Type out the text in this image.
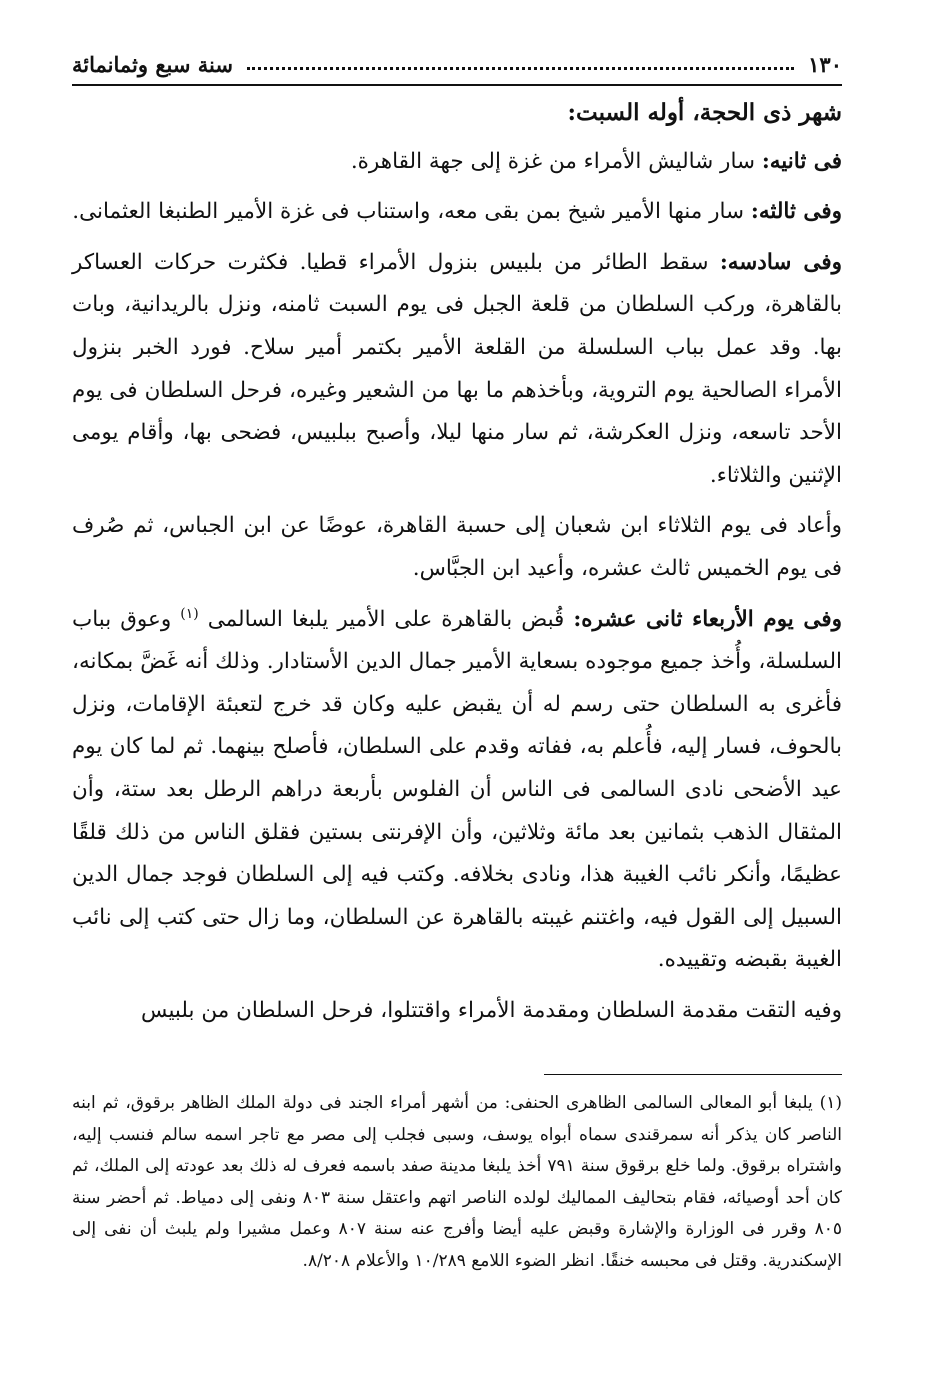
١٣٠
سنة سبع وثمانمائة

شهر ذى الحجة، أوله السبت:

فى ثانيه: سار شاليش الأمراء من غزة إلى جهة القاهرة.

وفى ثالثه: سار منها الأمير شيخ بمن بقى معه، واستناب فى غزة الأمير الطنبغا العثمانى.

وفى سادسه: سقط الطائر من بلبيس بنزول الأمراء قطيا. فكثرت حركات العساكر بالقاهرة، وركب السلطان من قلعة الجبل فى يوم السبت ثامنه، ونزل بالريدانية، وبات بها. وقد عمل بباب السلسلة من القلعة الأمير بكتمر أمير سلاح. فورد الخبر بنزول الأمراء الصالحية يوم التروية، وبأخذهم ما بها من الشعير وغيره، فرحل السلطان فى يوم الأحد تاسعه، ونزل العكرشة، ثم سار منها ليلا، وأصبح ببلبيس، فضحى بها، وأقام يومى الإثنين والثلاثاء.

وأعاد فى يوم الثلاثاء ابن شعبان إلى حسبة القاهرة، عوضًا عن ابن الجباس، ثم صُرف فى يوم الخميس ثالث عشره، وأعيد ابن الجبَّاس.

وفى يوم الأربعاء ثانى عشره: قُبض بالقاهرة على الأمير يلبغا السالمى $^{(١)}$ وعوق بباب السلسلة، وأُخذ جميع موجوده بسعاية الأمير جمال الدين الأستادار. وذلك أنه غَضَّ بمكانه، فأغرى به السلطان حتى رسم له أن يقبض عليه وكان قد خرج لتعبئة الإقامات، ونزل بالحوف، فسار إليه، فأُعلم به، ففاته وقدم على السلطان، فأصلح بينهما. ثم لما كان يوم عيد الأضحى نادى السالمى فى الناس أن الفلوس بأربعة دراهم الرطل بعد ستة، وأن المثقال الذهب بثمانين بعد مائة وثلاثين، وأن الإفرنتى بستين فقلق الناس من ذلك قلقًا عظيمًا، وأنكر نائب الغيبة هذا، ونادى بخلافه. وكتب فيه إلى السلطان فوجد جمال الدين السبيل إلى القول فيه، واغتنم غيبته بالقاهرة عن السلطان، وما زال حتى كتب إلى نائب الغيبة بقبضه وتقييده.

وفيه التقت مقدمة السلطان ومقدمة الأمراء واقتتلوا، فرحل السلطان من بلبيس

(١) يلبغا أبو المعالى السالمى الظاهرى الحنفى: من أشهر أمراء الجند فى دولة الملك الظاهر برقوق، ثم ابنه الناصر كان يذكر أنه سمرقندى سماه أبواه يوسف، وسبى فجلب إلى مصر مع تاجر اسمه سالم فنسب إليه، واشتراه برقوق. ولما خلع برقوق سنة ٧٩١ أخذ يلبغا مدينة صفد باسمه فعرف له ذلك بعد عودته إلى الملك، ثم كان أحد أوصيائه، فقام بتحاليف المماليك لولده الناصر اتهم واعتقل سنة ٨٠٣ ونفى إلى دمياط. ثم أحضر سنة ٨٠٥ وقرر فى الوزارة والإشارة وقبض عليه أيضا وأفرج عنه سنة ٨٠٧ وعمل مشيرا ولم يلبث أن نفى إلى الإسكندرية. وقتل فى محبسه خنقًا. انظر الضوء اللامع ١٠/٢٨٩ والأعلام ٨/٢٠٨.
